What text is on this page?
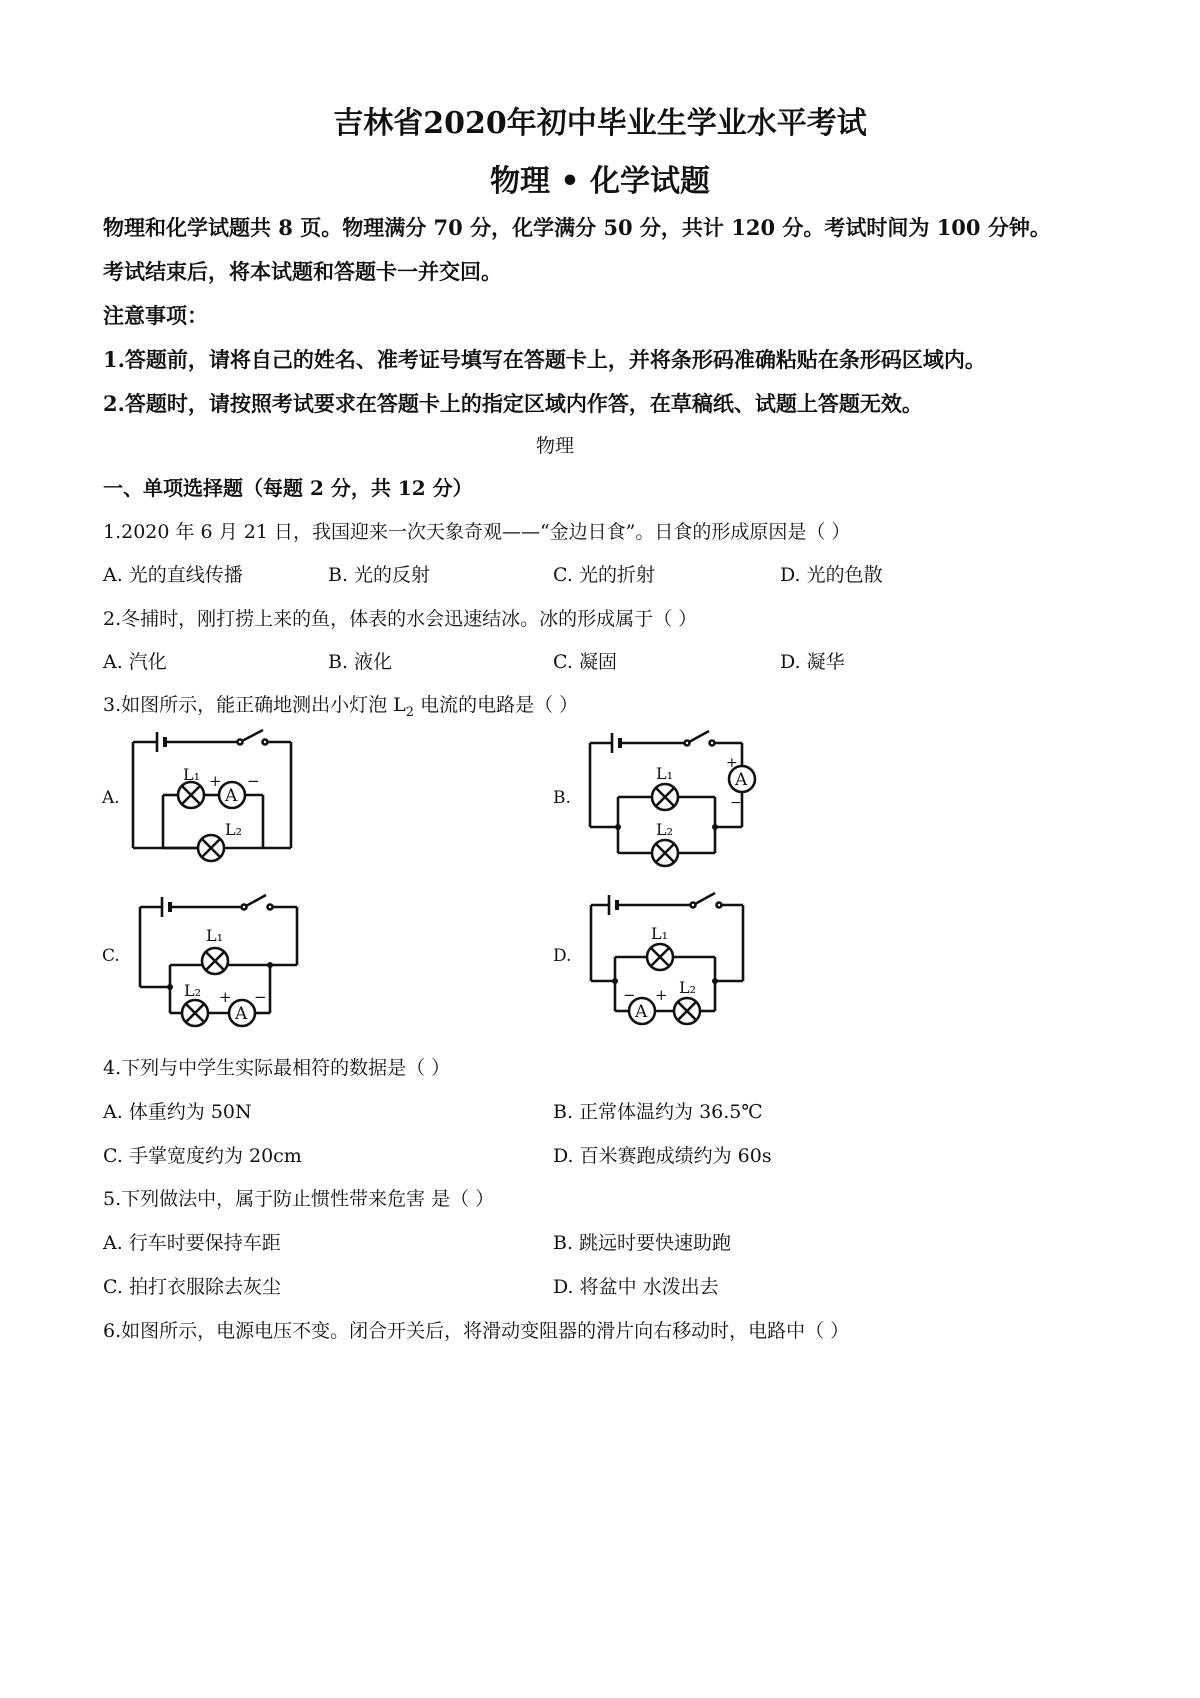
吉林省2020年初中毕业生学业水平考试
物理 • 化学试题
物理和化学试题共 8 页。物理满分 70 分，化学满分 50 分，共计 120 分。考试时间为 100 分钟。
考试结束后，将本试题和答题卡一并交回。
注意事项：
1.答题前，请将自己的姓名、准考证号填写在答题卡上，并将条形码准确粘贴在条形码区域内。
2.答题时，请按照考试要求在答题卡上的指定区域内作答，在草稿纸、试题上答题无效。
物理
一、单项选择题（每题 2 分，共 12 分）
1.2020 年 6 月 21 日，我国迎来一次天象奇观——“金边日食”。日食的形成原因是（ ）
A. 光的直线传播	B. 光的反射	C. 光的折射	D. 光的色散
2.冬捕时，刚打捞上来的鱼，体表的水会迅速结冰。冰的形成属于（ ）
A. 汽化	B. 液化	C. 凝固	D. 凝华
3.如图所示，能正确地测出小灯泡 $L_2$ 电流的电路是（ ）
A.	B.
C.	D.
A
L₁ + −
L₂
A
+
−
L₁
L₂
L₁
L₂
A
+ −
L₁
A
− + L₂
4.下列与中学生实际最相符的数据是（ ）
A. 体重约为 50N	B. 正常体温约为 36.5℃
C. 手掌宽度约为 20cm	D. 百米赛跑成绩约为 60s
5.下列做法中，属于防止惯性带来危害 是（ ）
A. 行车时要保持车距	B. 跳远时要快速助跑
C. 拍打衣服除去灰尘	D. 将盆中 水泼出去
6.如图所示，电源电压不变。闭合开关后，将滑动变阻器的滑片向右移动时，电路中（ ）
